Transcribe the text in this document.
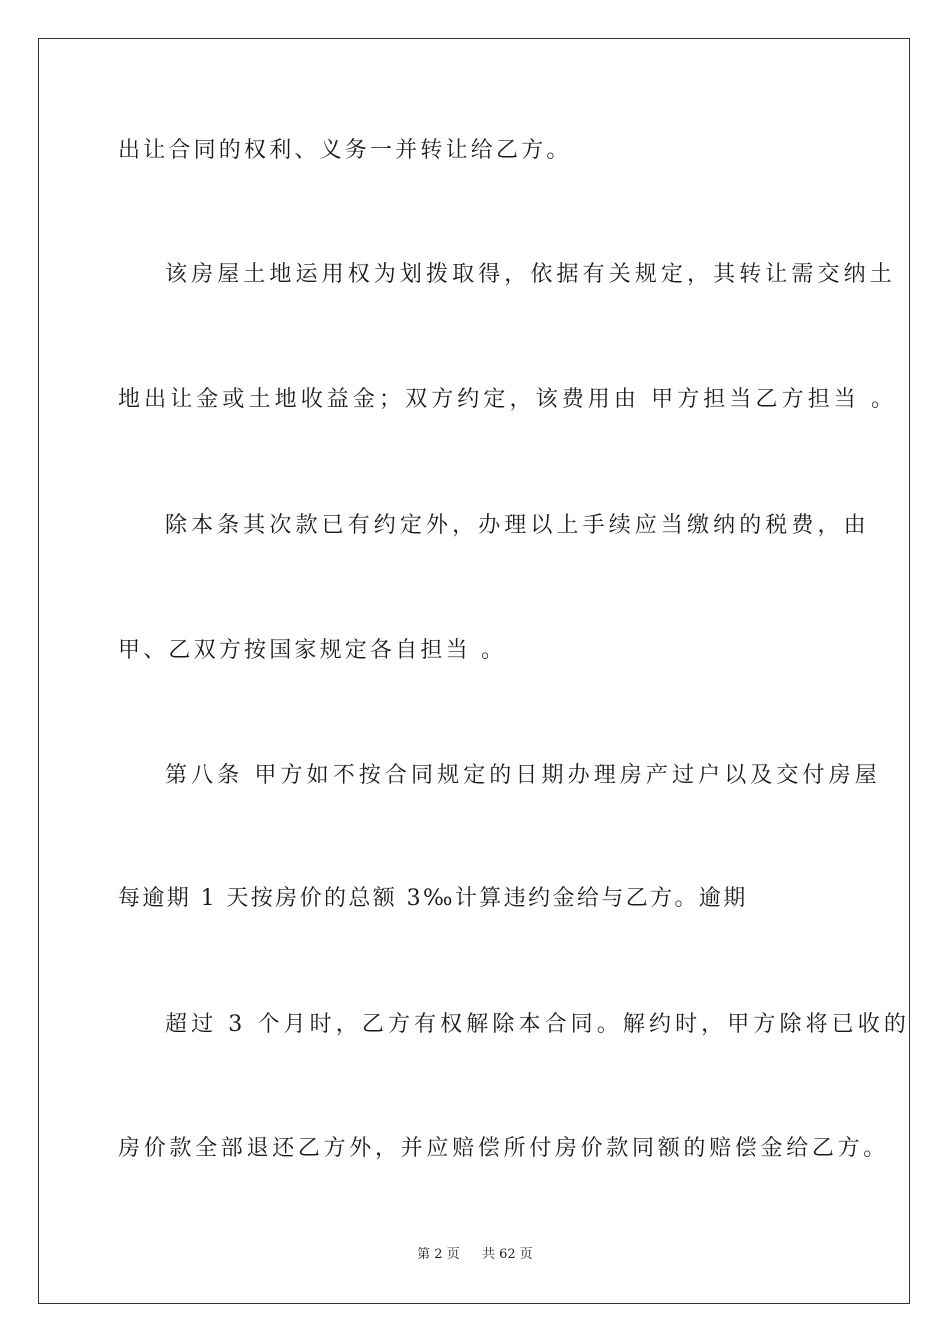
出让合同的权利、义务一并转让给乙方。
该房屋土地运用权为划拨取得，依据有关规定，其转让需交纳土
地出让金或土地收益金；双方约定，该费用由 甲方担当乙方担当 。
除本条其次款已有约定外，办理以上手续应当缴纳的税费，由
甲、乙双方按国家规定各自担当 。
第八条 甲方如不按合同规定的日期办理房产过户以及交付房屋
每逾期 1 天按房价的总额 3‰计算违约金给与乙方。逾期
超过 3 个月时，乙方有权解除本合同。解约时，甲方除将已收的
房价款全部退还乙方外，并应赔偿所付房价款同额的赔偿金给乙方。
第 2 页 共 62 页
